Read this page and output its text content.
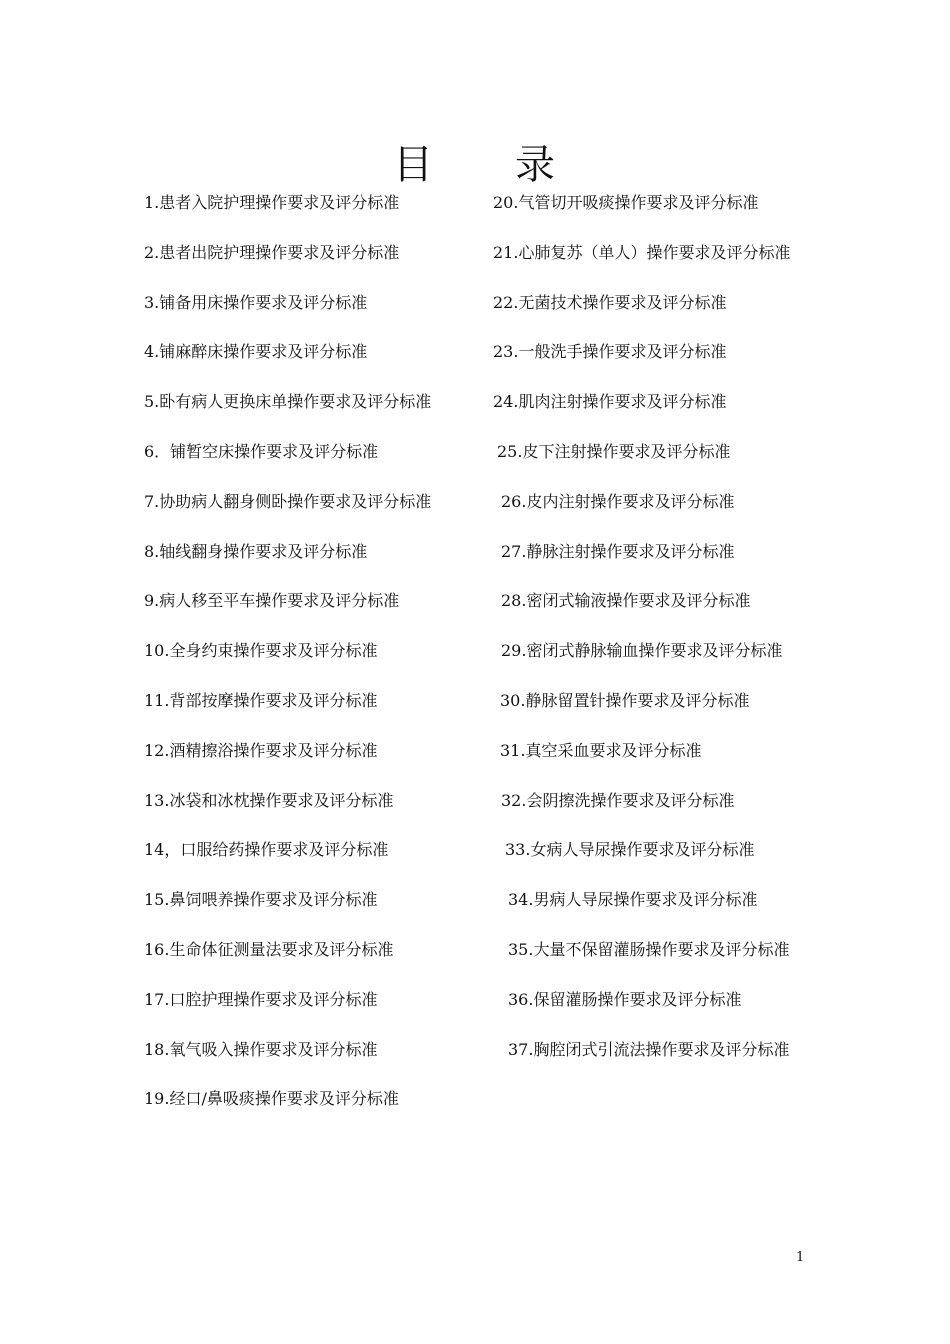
目 录
1.患者入院护理操作要求及评分标准
2.患者出院护理操作要求及评分标准
3.铺备用床操作要求及评分标准
4.铺麻醉床操作要求及评分标准
5.卧有病人更换床单操作要求及评分标准
6．铺暂空床操作要求及评分标准
7.协助病人翻身侧卧操作要求及评分标准
8.轴线翻身操作要求及评分标准
9.病人移至平车操作要求及评分标准
10.全身约束操作要求及评分标准
11.背部按摩操作要求及评分标准
12.酒精擦浴操作要求及评分标准
13.冰袋和冰枕操作要求及评分标准
14，口服给药操作要求及评分标准
15.鼻饲喂养操作要求及评分标准
16.生命体征测量法要求及评分标准
17.口腔护理操作要求及评分标准
18.氧气吸入操作要求及评分标准
19.经口/鼻吸痰操作要求及评分标准
20.气管切开吸痰操作要求及评分标准
21.心肺复苏（单人）操作要求及评分标准
22.无菌技术操作要求及评分标准
23.一般洗手操作要求及评分标准
24.肌肉注射操作要求及评分标准
25.皮下注射操作要求及评分标准
26.皮内注射操作要求及评分标准
27.静脉注射操作要求及评分标准
28.密闭式输液操作要求及评分标准
29.密闭式静脉输血操作要求及评分标准
30.静脉留置针操作要求及评分标准
31.真空采血要求及评分标准
32.会阴擦洗操作要求及评分标准
33.女病人导尿操作要求及评分标准
34.男病人导尿操作要求及评分标准
35.大量不保留灌肠操作要求及评分标准
36.保留灌肠操作要求及评分标准
37.胸腔闭式引流法操作要求及评分标准
1
